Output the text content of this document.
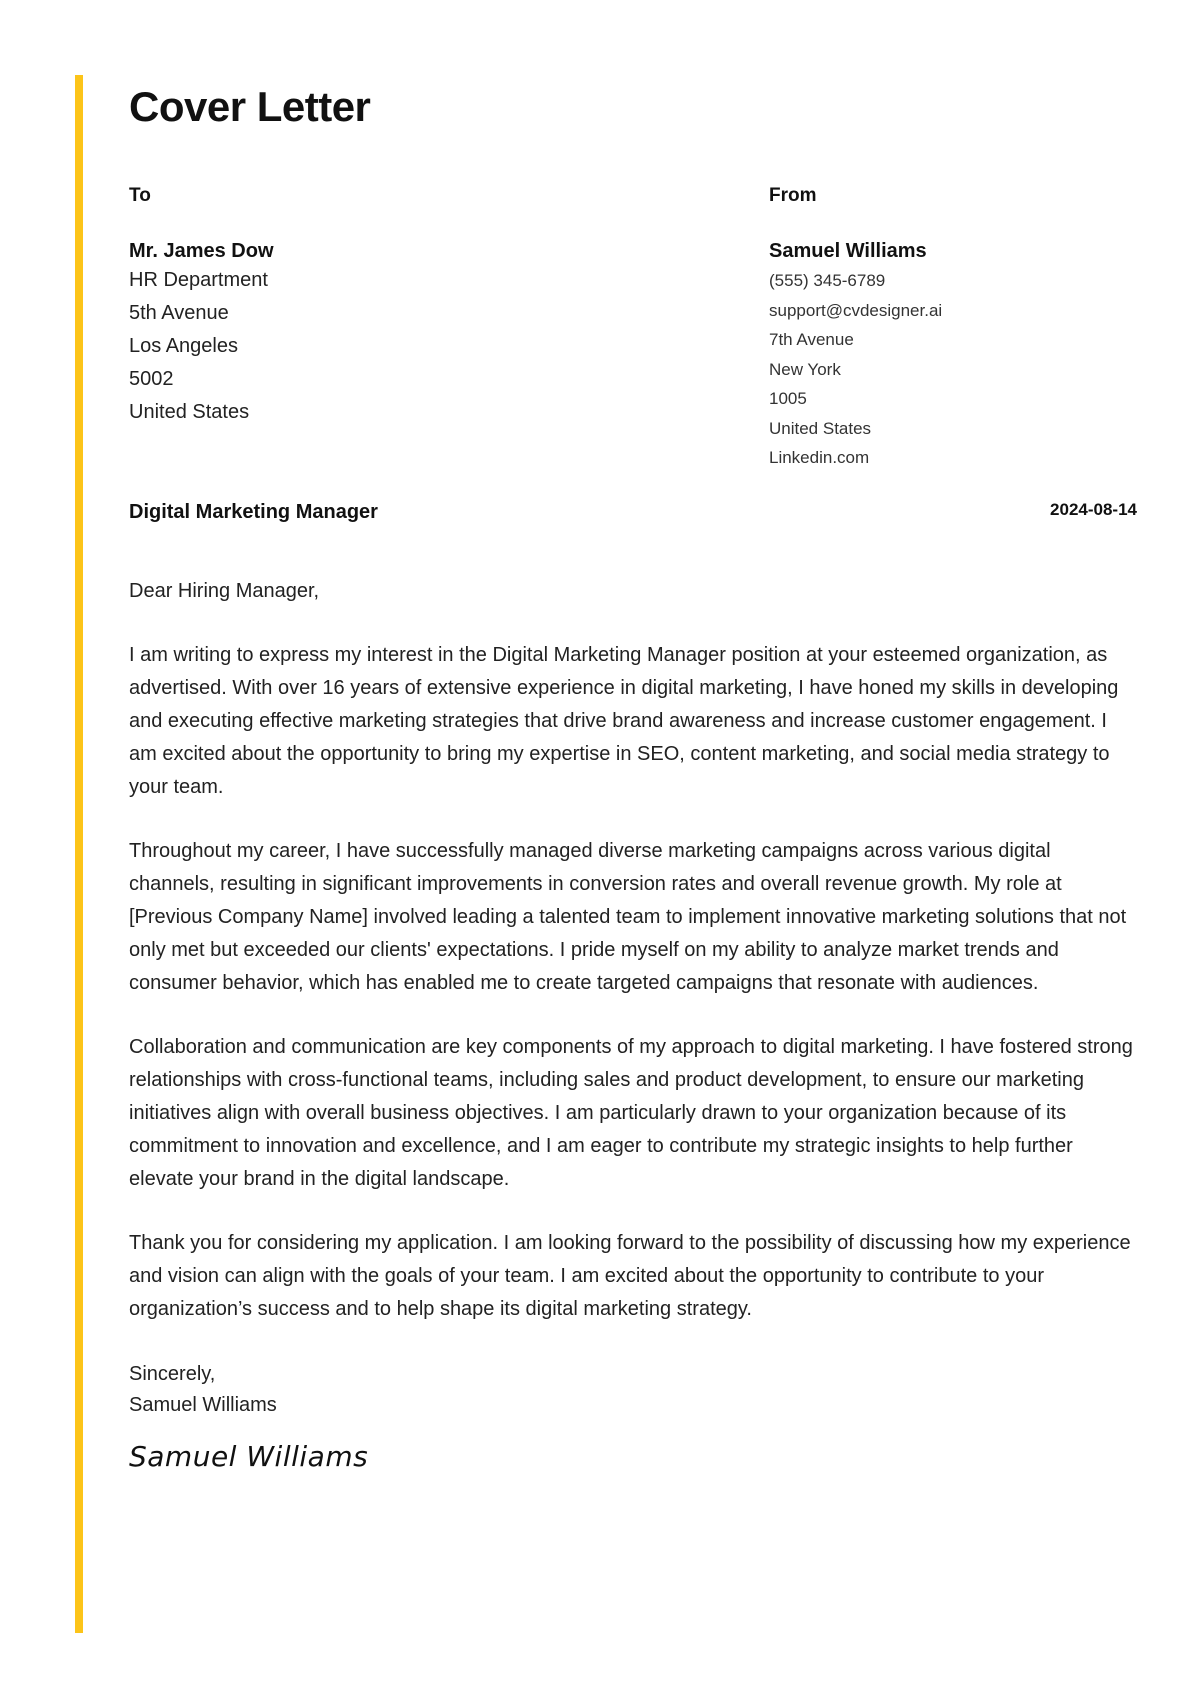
Cover Letter
To
Mr. James Dow
HR Department
5th Avenue
Los Angeles
5002
United States
From
Samuel Williams
(555) 345-6789
support@cvdesigner.ai
7th Avenue
New York
1005
United States
Linkedin.com
Digital Marketing Manager	2024-08-14
Dear Hiring Manager,

I am writing to express my interest in the Digital Marketing Manager position at your esteemed organization, as advertised. With over 16 years of extensive experience in digital marketing, I have honed my skills in developing and executing effective marketing strategies that drive brand awareness and increase customer engagement. I am excited about the opportunity to bring my expertise in SEO, content marketing, and social media strategy to your team.

Throughout my career, I have successfully managed diverse marketing campaigns across various digital channels, resulting in significant improvements in conversion rates and overall revenue growth. My role at [Previous Company Name] involved leading a talented team to implement innovative marketing solutions that not only met but exceeded our clients' expectations. I pride myself on my ability to analyze market trends and consumer behavior, which has enabled me to create targeted campaigns that resonate with audiences.

Collaboration and communication are key components of my approach to digital marketing. I have fostered strong relationships with cross-functional teams, including sales and product development, to ensure our marketing initiatives align with overall business objectives. I am particularly drawn to your organization because of its commitment to innovation and excellence, and I am eager to contribute my strategic insights to help further elevate your brand in the digital landscape.

Thank you for considering my application. I am looking forward to the possibility of discussing how my experience and vision can align with the goals of your team. I am excited about the opportunity to contribute to your organization’s success and to help shape its digital marketing strategy.

Sincerely,
Samuel Williams
Samuel Williams
